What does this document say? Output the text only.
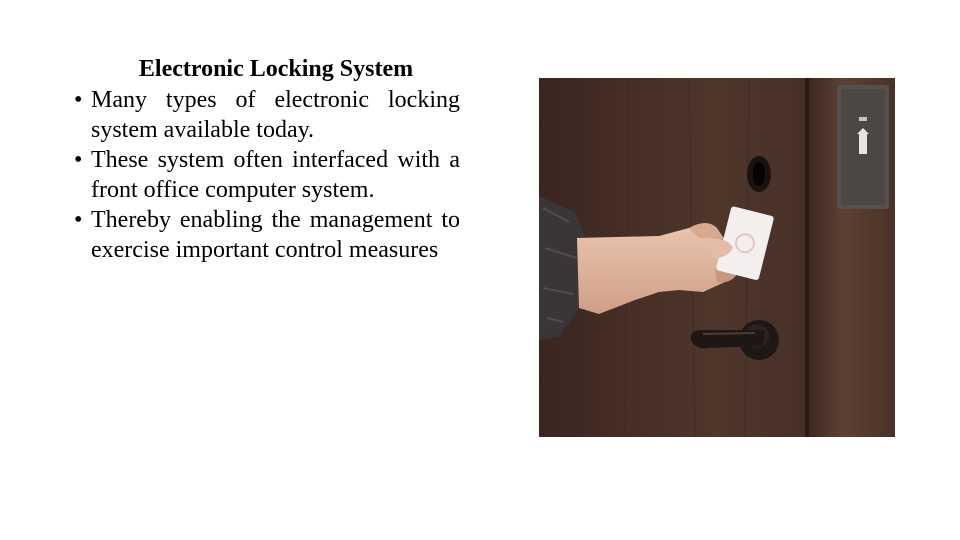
Electronic Locking System
• Many types of electronic locking system available today.
• These system often interfaced with a front office computer system.
• Thereby enabling the management to exercise important control measures
